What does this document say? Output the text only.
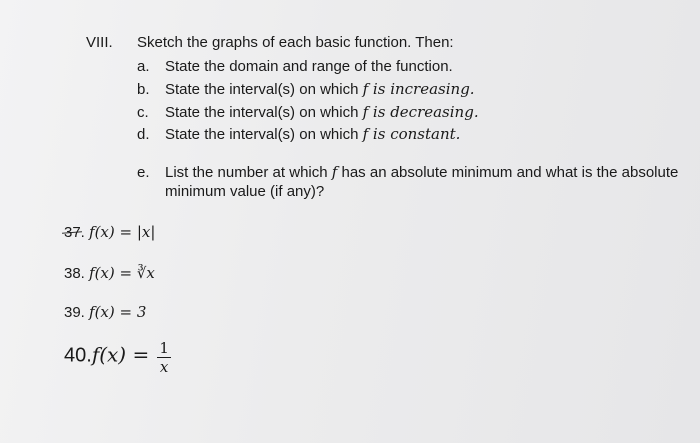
VIII. Sketch the graphs of each basic function. Then:
a.	State the domain and range of the function.
b.	State the interval(s) on which f is increasing.
c.	State the interval(s) on which f is decreasing.
d.	State the interval(s) on which f is constant.
e.	List the number at which f has an absolute minimum and what is the absolute minimum value (if any)?
37. f(x) = |x|
38. f(x) = ∛x
39. f(x) = 3
$40.f(x) = \frac{1}{x}$
